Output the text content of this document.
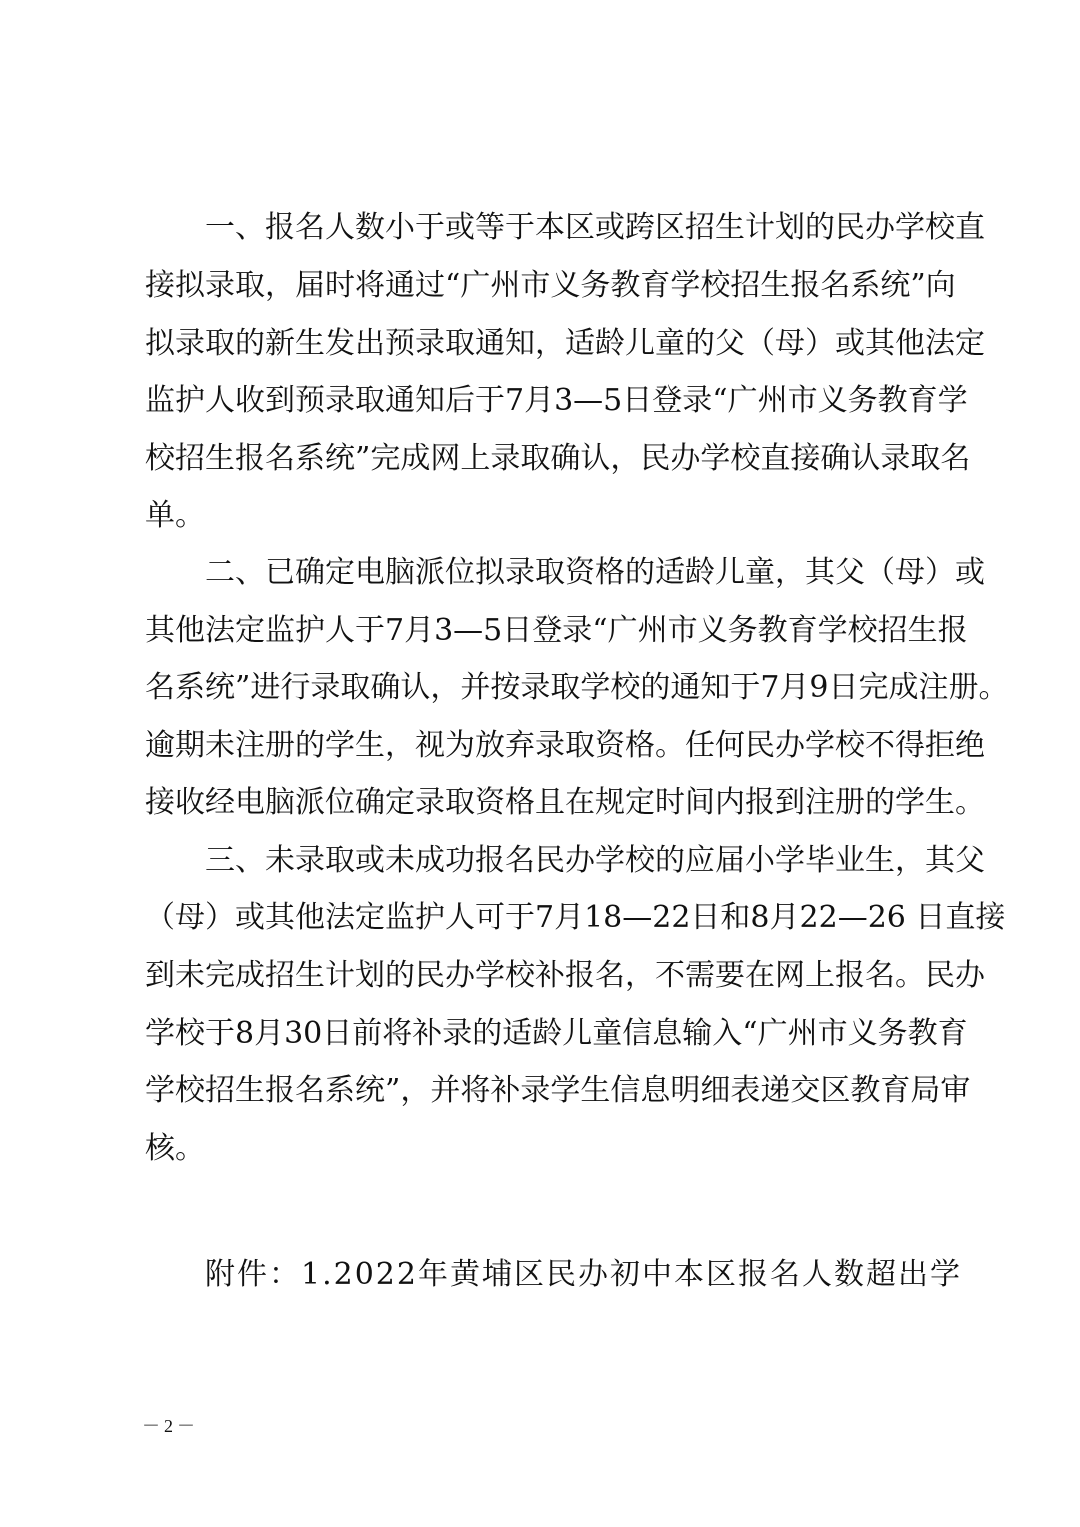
一、报名人数小于或等于本区或跨区招生计划的民办学校直
接拟录取，届时将通过“广州市义务教育学校招生报名系统”向
拟录取的新生发出预录取通知，适龄儿童的父（母）或其他法定
监护人收到预录取通知后于7月3—5日登录“广州市义务教育学
校招生报名系统”完成网上录取确认，民办学校直接确认录取名
单。
二、已确定电脑派位拟录取资格的适龄儿童，其父（母）或
其他法定监护人于7月3—5日登录“广州市义务教育学校招生报
名系统”进行录取确认，并按录取学校的通知于7月9日完成注册。
逾期未注册的学生，视为放弃录取资格。任何民办学校不得拒绝
接收经电脑派位确定录取资格且在规定时间内报到注册的学生。
三、未录取或未成功报名民办学校的应届小学毕业生，其父
（母）或其他法定监护人可于7月18—22日和8月22—26 日直接
到未完成招生计划的民办学校补报名，不需要在网上报名。民办
学校于8月30日前将补录的适龄儿童信息输入“广州市义务教育
学校招生报名系统”，并将补录学生信息明细表递交区教育局审
核。
附件：1.2022年黄埔区民办初中本区报名人数超出学
－2－
